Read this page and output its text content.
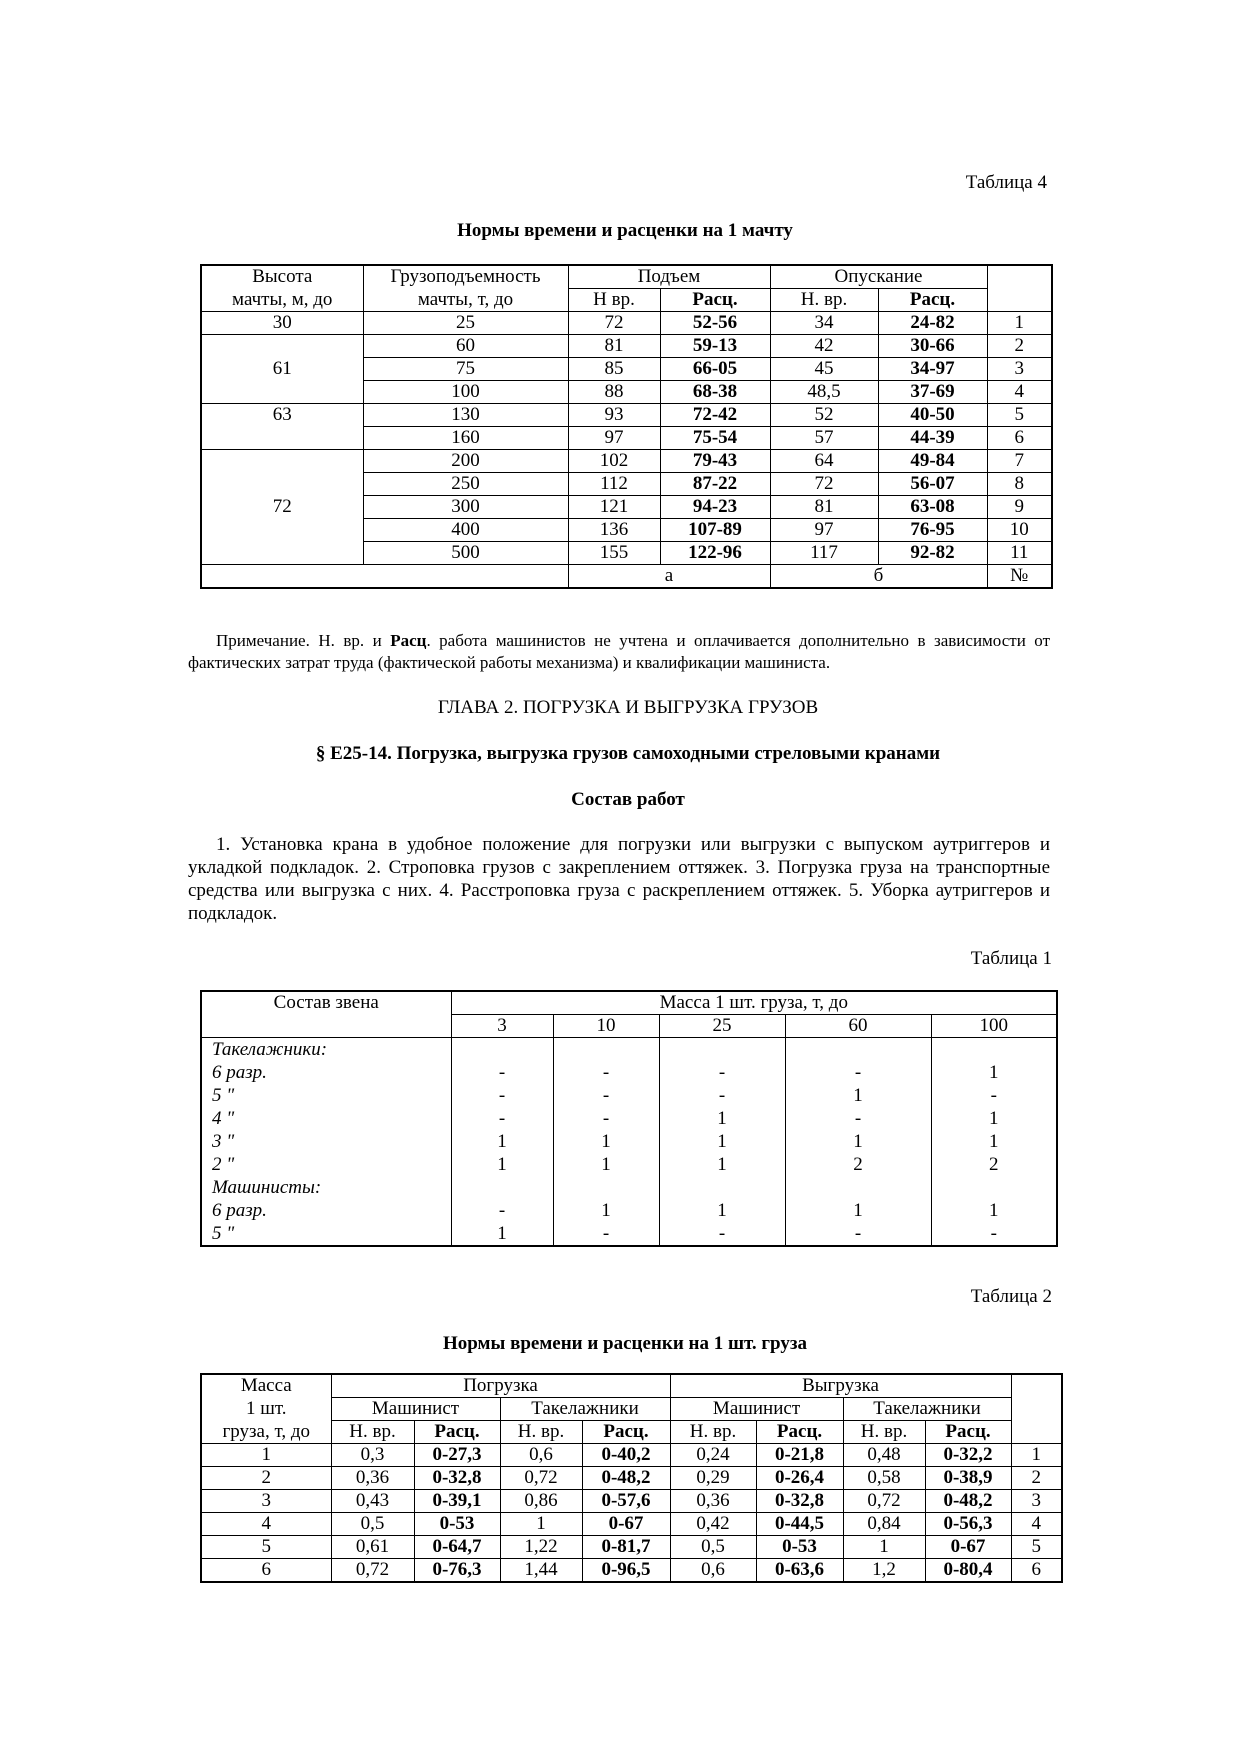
Таблица 4
Нормы времени и расценки на 1 мачту
Высота	Грузоподъемность	Подъем		Опускание		
мачты, м, до	мачты, т, до	Н вр.	Расц.	Н. вр.	Расц.	
30	25	72	52-56	34	24-82	1
61	60	81	59-13	42	30-66	2
	75	85	66-05	45	34-97	3
	100	88	68-38	48,5	37-69	4
63	130	93	72-42	52	40-50	5
	160	97	75-54	57	44-39	6
72	200	102	79-43	64	49-84	7
	250	112	87-22	72	56-07	8
	300	121	94-23	81	63-08	9
	400	136	107-89	97	76-95	10
	500	155	122-96	117	92-82	11
		а		б		№
Примечание. Н. вр. и Расц. работа машинистов не учтена и оплачивается дополнительно в зависимости от фактических затрат труда (фактической работы механизма) и квалификации машиниста.
ГЛАВА 2. ПОГРУЗКА И ВЫГРУЗКА ГРУЗОВ
§ Е25-14. Погрузка, выгрузка грузов самоходными стреловыми кранами
Состав работ
1. Установка крана в удобное положение для погрузки или выгрузки с выпуском аутриггеров и укладкой подкладок. 2. Строповка грузов с закреплением оттяжек. 3. Погрузка груза на транспортные средства или выгрузка с них. 4. Расстроповка груза с раскреплением оттяжек. 5. Уборка аутриггеров и подкладок.
Таблица 1
Состав звена	Масса 1 шт. груза, т, до				
	3	10	25	60	100
Такелажники:					
6 разр.	-	-	-	-	1
5 "	-	-	-	1	-
4 "	-	-	1	-	1
3 "	1	1	1	1	1
2 "	1	1	1	2	2
Машинисты:					
6 разр.	-	1	1	1	1
5 "	1	-	-	-	-
Таблица 2
Нормы времени и расценки на 1 шт. груза
Масса	Погрузка				Выгрузка				
1 шт.	Машинист		Такелажники		Машинист		Такелажники		
груза, т, до	Н. вр.	Расц.	Н. вр.	Расц.	Н. вр.	Расц.	Н. вр.	Расц.	
1	0,3	0-27,3	0,6	0-40,2	0,24	0-21,8	0,48	0-32,2	1
2	0,36	0-32,8	0,72	0-48,2	0,29	0-26,4	0,58	0-38,9	2
3	0,43	0-39,1	0,86	0-57,6	0,36	0-32,8	0,72	0-48,2	3
4	0,5	0-53	1	0-67	0,42	0-44,5	0,84	0-56,3	4
5	0,61	0-64,7	1,22	0-81,7	0,5	0-53	1	0-67	5
6	0,72	0-76,3	1,44	0-96,5	0,6	0-63,6	1,2	0-80,4	6
